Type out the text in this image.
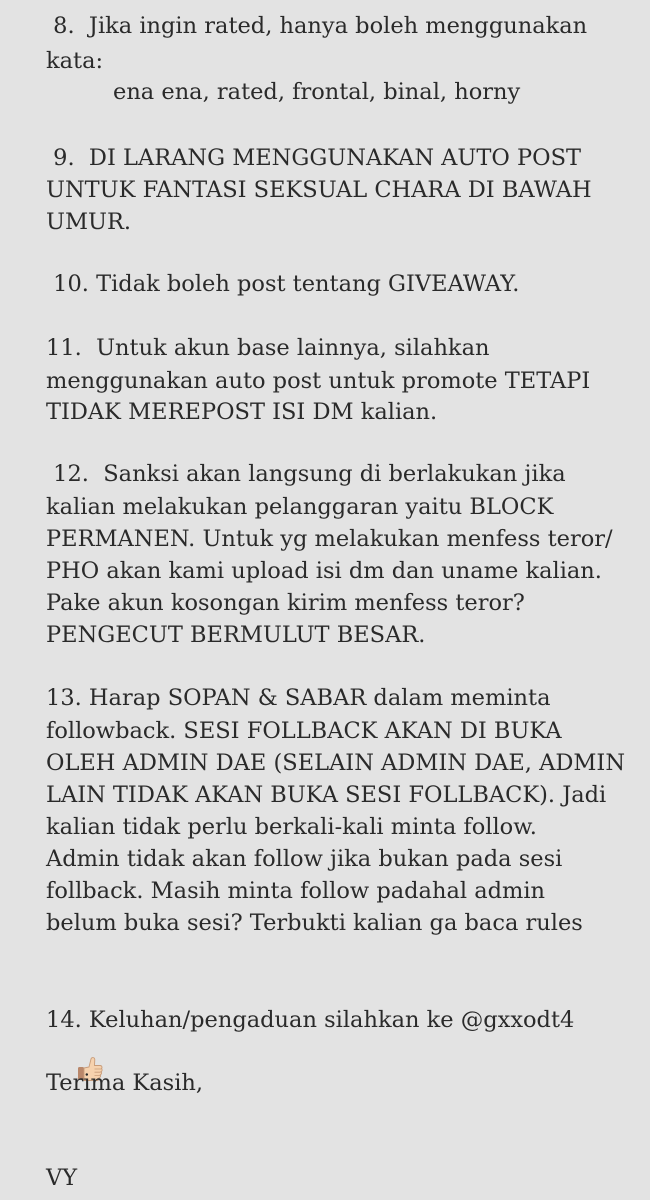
8.  Jika ingin rated, hanya boleh menggunakan

kata:

ena ena, rated, frontal, binal, horny

9.  DI LARANG MENGGUNAKAN AUTO POST

UNTUK FANTASI SEKSUAL CHARA DI BAWAH

UMUR.

10. Tidak boleh post tentang GIVEAWAY.

11.  Untuk akun base lainnya, silahkan

menggunakan auto post untuk promote TETAPI

TIDAK MEREPOST ISI DM kalian.

12.  Sanksi akan langsung di berlakukan jika

kalian melakukan pelanggaran yaitu BLOCK

PERMANEN. Untuk yg melakukan menfess teror/

PHO akan kami upload isi dm dan uname kalian.

Pake akun kosongan kirim menfess teror?

PENGECUT BERMULUT BESAR.

13. Harap SOPAN & SABAR dalam meminta

followback. SESI FOLLBACK AKAN DI BUKA

OLEH ADMIN DAE (SELAIN ADMIN DAE, ADMIN

LAIN TIDAK AKAN BUKA SESI FOLLBACK). Jadi

kalian tidak perlu berkali-kali minta follow.

Admin tidak akan follow jika bukan pada sesi

follback. Masih minta follow padahal admin

belum buka sesi? Terbukti kalian ga baca rules

14. Keluhan/pengaduan silahkan ke @gxxodt4

Terima Kasih,

VY
